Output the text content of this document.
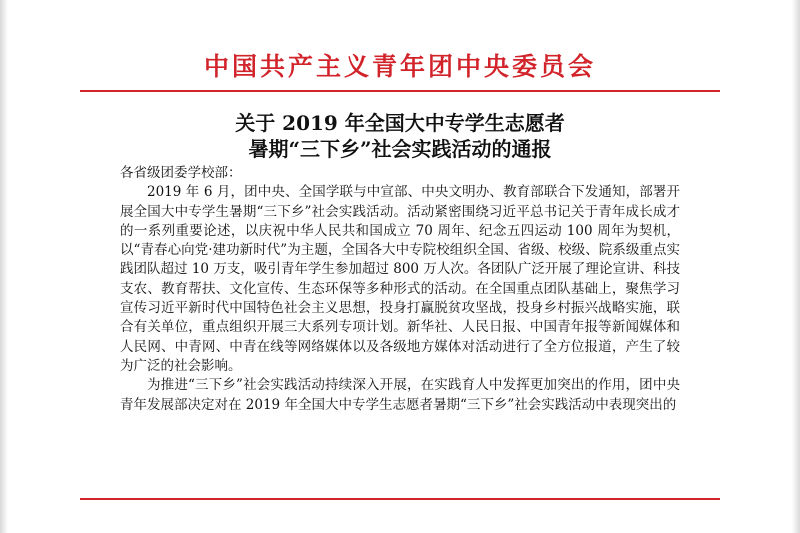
中国共产主义青年团中央委员会
关于 2019 年全国大中专学生志愿者
暑期“三下乡”社会实践活动的通报

各省级团委学校部：

2019 年 6 月，团中央、全国学联与中宣部、中央文明办、教育部联合下发通知，部署开展全国大中专学生暑期“三下乡”社会实践活动。活动紧密围绕习近平总书记关于青年成长成才的一系列重要论述，以庆祝中华人民共和国成立 70 周年、纪念五四运动 100 周年为契机，以“青春心向党·建功新时代”为主题，全国各大中专院校组织全国、省级、校级、院系级重点实践团队超过 10 万支，吸引青年学生参加超过 800 万人次。各团队广泛开展了理论宣讲、科技支农、教育帮扶、文化宣传、生态环保等多种形式的活动。在全国重点团队基础上，聚焦学习宣传习近平新时代中国特色社会主义思想，投身打赢脱贫攻坚战，投身乡村振兴战略实施，联合有关单位，重点组织开展三大系列专项计划。新华社、人民日报、中国青年报等新闻媒体和人民网、中青网、中青在线等网络媒体以及各级地方媒体对活动进行了全方位报道，产生了较为广泛的社会影响。

为推进“三下乡”社会实践活动持续深入开展，在实践育人中发挥更加突出的作用，团中央青年发展部决定对在 2019 年全国大中专学生志愿者暑期“三下乡”社会实践活动中表现突出的
